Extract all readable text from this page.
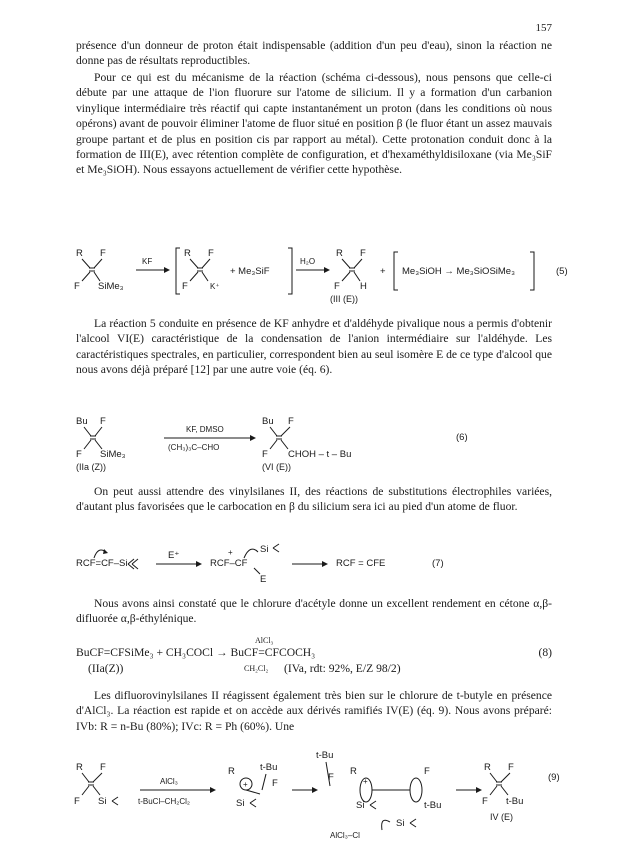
157

présence d'un donneur de proton était indispensable (addition d'un peu d'eau), sinon la réaction ne donne pas de résultats reproductibles.

Pour ce qui est du mécanisme de la réaction (schéma ci-dessous), nous pensons que celle-ci débute par une attaque de l'ion fluorure sur l'atome de silicium. Il y a formation d'un carbanion vinylique intermédiaire très réactif qui capte instantanément un proton (dans les conditions où nous opérons) avant de pouvoir éliminer l'atome de fluor situé en position β (le fluor étant un assez mauvais groupe partant et de plus en position cis par rapport au métal). Cette protonation conduit donc à la formation de III(E), avec rétention complète de configuration, et d'hexaméthyldisiloxane (via Me₃SiF et Me₃SiOH). Nous essayons actuellement de vérifier cette hypothèse.

R F
F SiMe₃
KF
R F
F	K⁺
+ Me₃SiF
H₂O
R F
F H
(III (E))
+ Me₃SiOH → Me₃SiOSiMe₃	(5)

La réaction 5 conduite en présence de KF anhydre et d'aldéhyde pivalique nous a permis d'obtenir l'alcool VI(E) caractéristique de la condensation de l'anion intermédiaire sur l'aldéhyde. Les caractéristiques spectrales, en particulier, correspondent bien au seul isomère E de ce type d'alcool que nous avons déjà préparé [12] par une autre voie (éq. 6).

Bu F
F SiMe₃
(IIa (Z))
KF, DMSO
(CH₃)₃C–CHO
Bu F
F CHOH – t – Bu
(VI (E))
(6)

On peut aussi attendre des vinylsilanes II, des réactions de substitutions électrophiles variées, d'autant plus favorisées que le carbocation en β du silicium sera ici au pied d'un atome de fluor.

RCF=CF–Si
E⁺
RCF–CF
+	Si
E
RCF = CFE	(7)

Nous avons ainsi constaté que le chlorure d'acétyle donne un excellent rendement en cétone α,β-difluorée α,β-éthylénique.

AlCl₃
BuCF=CFSiMe₃ + CH₃COCl → BuCF=CFCOCH₃	(8)
(IIa(Z))	CH₂Cl₂ (IVa, rdt: 92%, E/Z 98/2)

Les difluorovinylsilanes II réagissent également très bien sur le chlorure de t-butyle en présence d'AlCl₃. La réaction est rapide et on accède aux dérivés ramifiés IV(E) (éq. 9). Nous avons préparé: IVb: R = n-Bu (80%); IVc: R = Ph (60%). Une

R F
F Si
AlCl₃
t-BuCl–CH₂Cl₂
R
+
t-Bu
F
Si
t-Bu
F
R
+
F
Si	t-Bu
Si
AlCl₃–Cl
R F
F t-Bu
IV (E)
(9)
